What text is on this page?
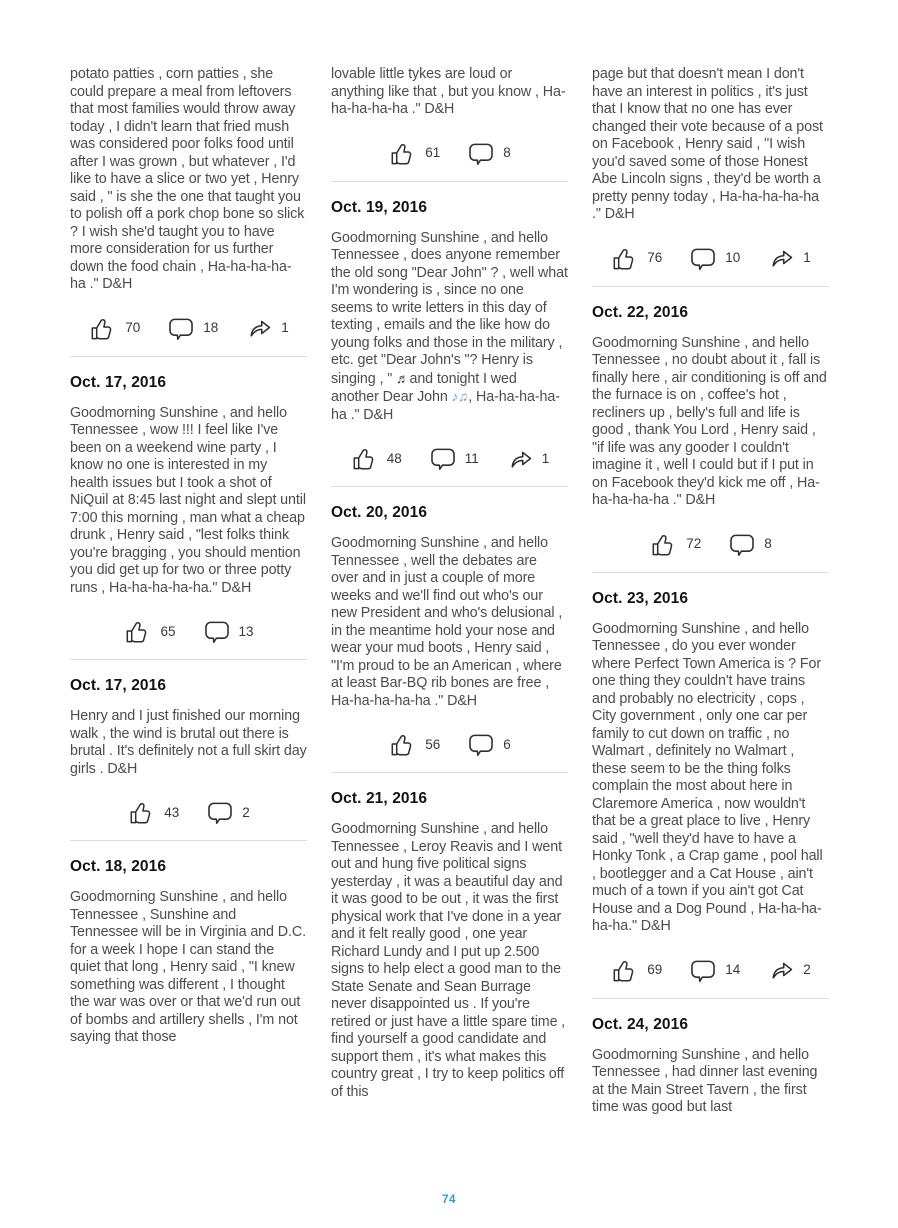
potato patties , corn patties , she could prepare a meal from leftovers that most families would throw away today , I didn't learn that fried mush was considered poor folks food until after I was grown , but whatever , I'd like to have a slice or two yet , Henry said , " is she the one that taught you to polish off a pork chop bone so slick ? I wish she'd taught you to have more consideration for us further down the food chain , Ha-ha-ha-ha-ha ." D&H

70	18	1
Oct. 17, 2016

Goodmorning Sunshine , and hello Tennessee , wow !!! I feel like I've been on a weekend wine party , I know no one is interested in my health issues but I took a shot of NiQuil at 8:45 last night and slept until 7:00 this morning , man what a cheap drunk , Henry said , "lest folks think you're bragging , you should mention you did get up for two or three potty runs , Ha-ha-ha-ha-ha." D&H

65	13
Oct. 17, 2016

Henry and I just finished our morning walk , the wind is brutal out there is brutal . It's definitely not a full skirt day girls . D&H

43	2
Oct. 18, 2016

Goodmorning Sunshine , and hello Tennessee , Sunshine and Tennessee will be in Virginia and D.C. for a week I hope I can stand the quiet that long , Henry said , "I knew something was different , I thought the war was over or that we'd run out of bombs and artillery shells , I'm not saying that those

lovable little tykes are loud or anything like that , but you know , Ha-ha-ha-ha-ha ." D&H

61	8
Oct. 19, 2016

Goodmorning Sunshine , and hello Tennessee , does anyone remember the old song "Dear John" ? , well what I'm wondering is , since no one seems to write letters in this day of texting , emails and the like how do young folks and those in the military , etc. get "Dear John's "? Henry is singing , " ♬and tonight I wed another Dear John ♪♫, Ha-ha-ha-ha-ha ." D&H

48	11	1
Oct. 20, 2016

Goodmorning Sunshine , and hello Tennessee , well the debates are over and in just a couple of more weeks and we'll find out who's our new President and who's delusional , in the meantime hold your nose and wear your mud boots , Henry said , "I'm proud to be an American , where at least Bar-BQ rib bones are free , Ha-ha-ha-ha-ha ." D&H

56	6
Oct. 21, 2016

Goodmorning Sunshine , and hello Tennessee , Leroy Reavis and I went out and hung five political signs yesterday , it was a beautiful day and it was good to be out , it was the first physical work that I've done in a year and it felt really good , one year Richard Lundy and I put up 2.500 signs to help elect a good man to the State Senate and Sean Burrage never disappointed us . If you're retired or just have a little spare time , find yourself a good candidate and support them , it's what makes this country great , I try to keep politics off of this

page but that doesn't mean I don't have an interest in politics , it's just that I know that no one has ever changed their vote because of a post on Facebook , Henry said , "I wish you'd saved some of those Honest Abe Lincoln signs , they'd be worth a pretty penny today , Ha-ha-ha-ha-ha ." D&H

76	10	1
Oct. 22, 2016

Goodmorning Sunshine , and hello Tennessee , no doubt about it , fall is finally here , air conditioning is off and the furnace is on , coffee's hot , recliners up , belly's full and life is good , thank You Lord , Henry said , "if life was any gooder I couldn't imagine it , well I could but if I put in on Facebook they'd kick me off , Ha-ha-ha-ha-ha ." D&H

72	8
Oct. 23, 2016

Goodmorning Sunshine , and hello Tennessee , do you ever wonder where Perfect Town America is ? For one thing they couldn't have trains and probably no electricity , cops , City government , only one car per family to cut down on traffic , no Walmart , definitely no Walmart , these seem to be the thing folks complain the most about here in Claremore America , now wouldn't that be a great place to live , Henry said , "well they'd have to have a Honky Tonk , a Crap game , pool hall , bootlegger and a Cat House , ain't much of a town if you ain't got Cat House and a Dog Pound , Ha-ha-ha-ha-ha." D&H

69	14	2
Oct. 24, 2016

Goodmorning Sunshine , and hello Tennessee , had dinner last evening at the Main Street Tavern , the first time was good but last

74
